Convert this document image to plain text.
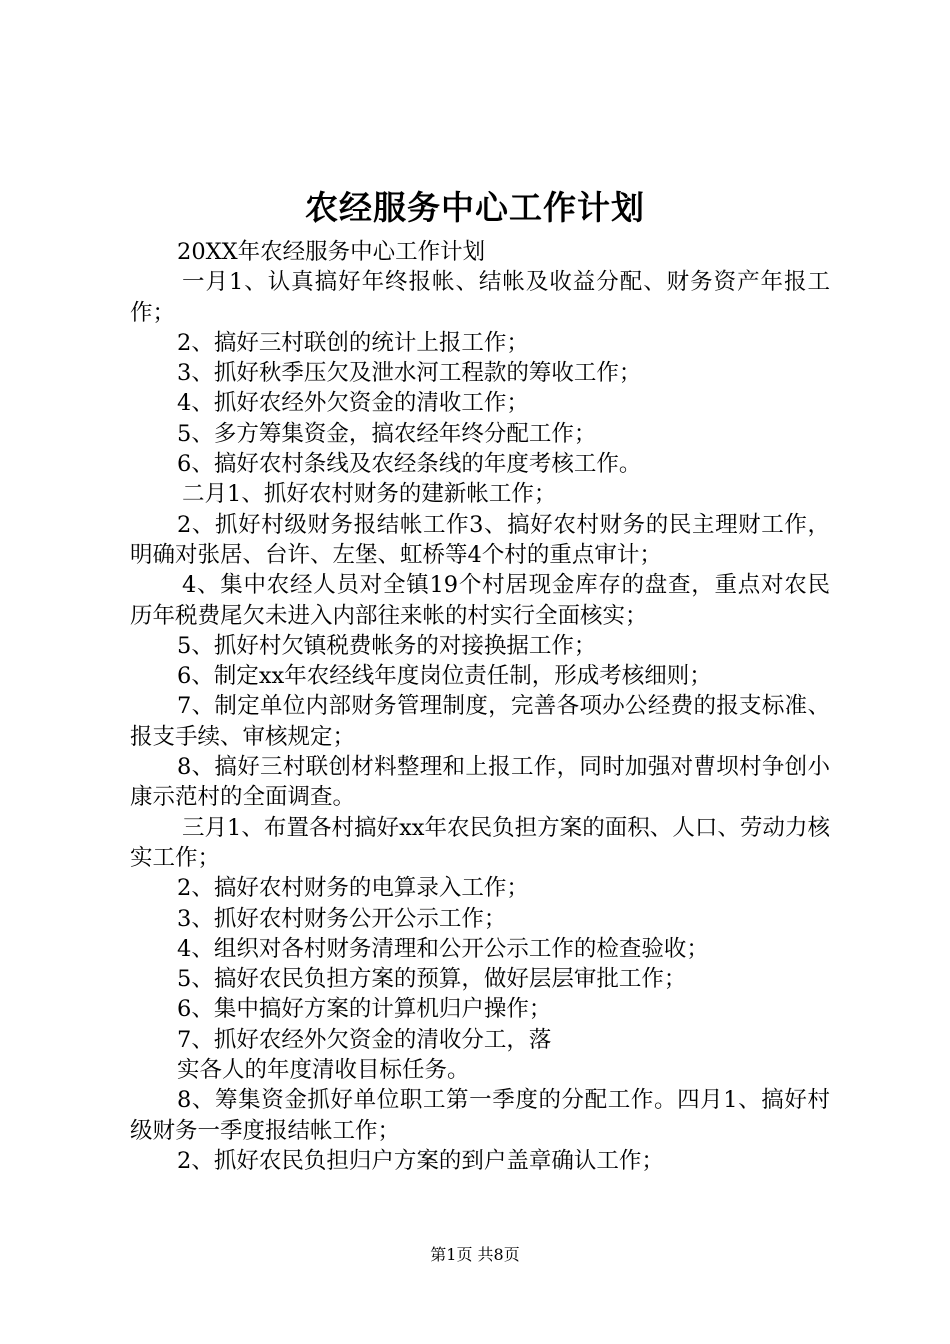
农经服务中心工作计划

20XX年农经服务中心工作计划

一月1、认真搞好年终报帐、结帐及收益分配、财务资产年报工作；

2、搞好三村联创的统计上报工作；

3、抓好秋季压欠及泄水河工程款的筹收工作；

4、抓好农经外欠资金的清收工作；

5、多方筹集资金，搞农经年终分配工作；

6、搞好农村条线及农经条线的年度考核工作。

二月1、抓好农村财务的建新帐工作；

2、抓好村级财务报结帐工作3、搞好农村财务的民主理财工作，明确对张居、台许、左堡、虹桥等4个村的重点审计；

4、集中农经人员对全镇19个村居现金库存的盘查，重点对农民历年税费尾欠未进入内部往来帐的村实行全面核实；

5、抓好村欠镇税费帐务的对接换据工作；

6、制定xx年农经线年度岗位责任制，形成考核细则；

7、制定单位内部财务管理制度，完善各项办公经费的报支标准、报支手续、审核规定；

8、搞好三村联创材料整理和上报工作，同时加强对曹坝村争创小康示范村的全面调查。

三月1、布置各村搞好xx年农民负担方案的面积、人口、劳动力核实工作；

2、搞好农村财务的电算录入工作；

3、抓好农村财务公开公示工作；

4、组织对各村财务清理和公开公示工作的检查验收；

5、搞好农民负担方案的预算，做好层层审批工作；

6、集中搞好方案的计算机归户操作；

7、抓好农经外欠资金的清收分工，落

实各人的年度清收目标任务。

8、筹集资金抓好单位职工第一季度的分配工作。四月1、搞好村级财务一季度报结帐工作；

2、抓好农民负担归户方案的到户盖章确认工作；

第1页 共8页
